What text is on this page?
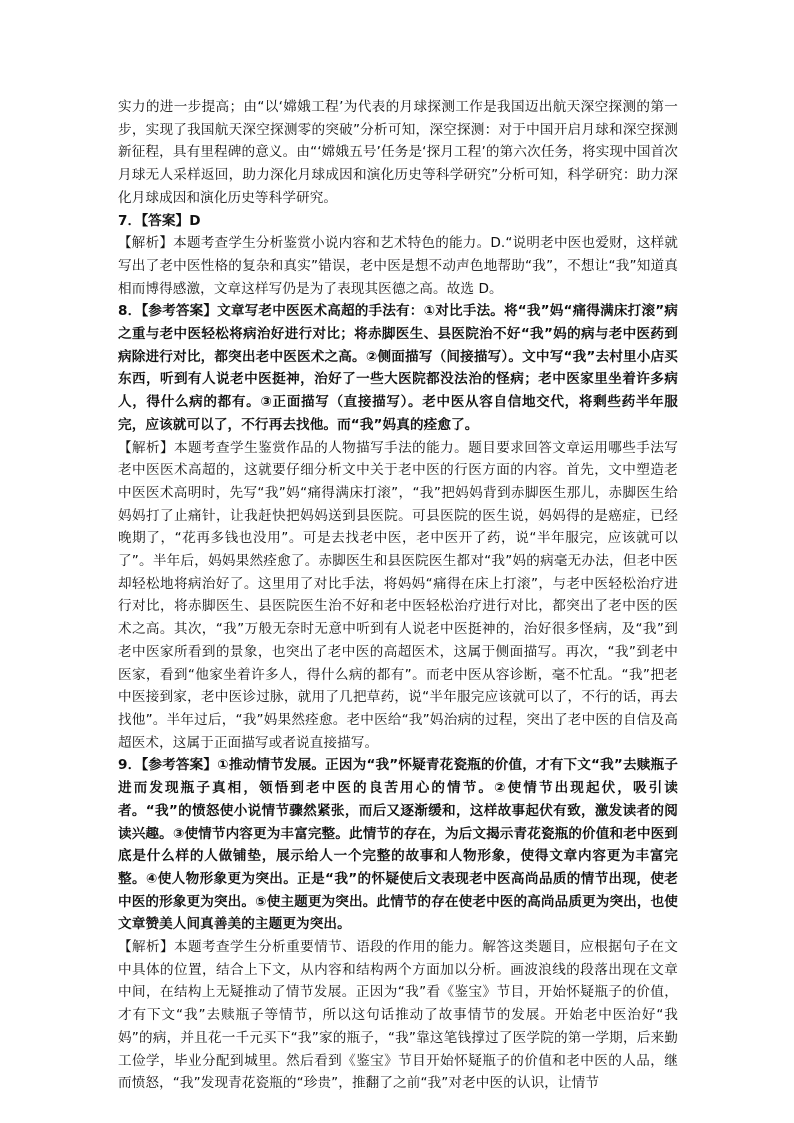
实力的进一步提高；由“以‘嫦娥工程’为代表的月球探测工作是我国迈出航天深空探测的第一步，实现了我国航天深空探测零的突破”分析可知，深空探测：对于中国开启月球和深空探测新征程，具有里程碑的意义。由“‘嫦娥五号’任务是‘探月工程’的第六次任务，将实现中国首次月球无人采样返回，助力深化月球成因和演化历史等科学研究”分析可知，科学研究：助力深化月球成因和演化历史等科学研究。

7．【答案】D

【解析】本题考查学生分析鉴赏小说内容和艺术特色的能力。D.“说明老中医也爱财，这样就写出了老中医性格的复杂和真实”错误，老中医是想不动声色地帮助“我”，不想让“我”知道真相而博得感激，文章这样写仍是为了表现其医德之高。故选 D。

8．【参考答案】文章写老中医医术高超的手法有：①对比手法。将“我”妈“痛得满床打滚”病之重与老中医轻松将病治好进行对比；将赤脚医生、县医院治不好“我”妈的病与老中医药到病除进行对比，都突出老中医医术之高。②侧面描写（间接描写）。文中写“我”去村里小店买东西，听到有人说老中医挺神，治好了一些大医院都没法治的怪病；老中医家里坐着许多病人，得什么病的都有。③正面描写（直接描写）。老中医从容自信地交代，将剩些药半年服完，应该就可以了，不行再去找他。而“我”妈真的痊愈了。

【解析】本题考查学生鉴赏作品的人物描写手法的能力。题目要求回答文章运用哪些手法写老中医医术高超的，这就要仔细分析文中关于老中医的行医方面的内容。首先，文中塑造老中医医术高明时，先写“我”妈“痛得满床打滚”，“我”把妈妈背到赤脚医生那儿，赤脚医生给妈妈打了止痛针，让我赶快把妈妈送到县医院。可县医院的医生说，妈妈得的是癌症，已经晚期了，“花再多钱也没用”。可是去找老中医，老中医开了药，说“半年服完，应该就可以了”。半年后，妈妈果然痊愈了。赤脚医生和县医院医生都对“我”妈的病毫无办法，但老中医却轻松地将病治好了。这里用了对比手法，将妈妈“痛得在床上打滚”，与老中医轻松治疗进行对比，将赤脚医生、县医院医生治不好和老中医轻松治疗进行对比，都突出了老中医的医术之高。其次，“我”万般无奈时无意中听到有人说老中医挺神的，治好很多怪病，及“我”到老中医家所看到的景象，也突出了老中医的高超医术，这属于侧面描写。再次，“我”到老中医家，看到“他家坐着许多人，得什么病的都有”。而老中医从容诊断，毫不忙乱。“我”把老中医接到家，老中医诊过脉，就用了几把草药，说“半年服完应该就可以了，不行的话，再去找他”。半年过后，“我”妈果然痊愈。老中医给“我”妈治病的过程，突出了老中医的自信及高超医术，这属于正面描写或者说直接描写。

9．【参考答案】①推动情节发展。正因为“我”怀疑青花瓷瓶的价值，才有下文“我”去赎瓶子进而发现瓶子真相，领悟到老中医的良苦用心的情节。②使情节出现起伏，吸引读者。“我”的愤怒使小说情节骤然紧张，而后又逐渐缓和，这样故事起伏有致，激发读者的阅读兴趣。③使情节内容更为丰富完整。此情节的存在，为后文揭示青花瓷瓶的价值和老中医到底是什么样的人做铺垫，展示给人一个完整的故事和人物形象，使得文章内容更为丰富完整。④使人物形象更为突出。正是“我”的怀疑使后文表现老中医高尚品质的情节出现，使老中医的形象更为突出。⑤使主题更为突出。此情节的存在使老中医的高尚品质更为突出，也使文章赞美人间真善美的主题更为突出。

【解析】本题考查学生分析重要情节、语段的作用的能力。解答这类题目，应根据句子在文中具体的位置，结合上下文，从内容和结构两个方面加以分析。画波浪线的段落出现在文章中间，在结构上无疑推动了情节发展。正因为“我”看《鉴宝》节目，开始怀疑瓶子的价值，才有下文“我”去赎瓶子等情节，所以这句话推动了故事情节的发展。开始老中医治好“我妈”的病，并且花一千元买下“我”家的瓶子，“我”靠这笔钱撑过了医学院的第一学期，后来勤工俭学，毕业分配到城里。然后看到《鉴宝》节目开始怀疑瓶子的价值和老中医的人品，继而愤怒，“我”发现青花瓷瓶的“珍贵”，推翻了之前“我”对老中医的认识，让情节
